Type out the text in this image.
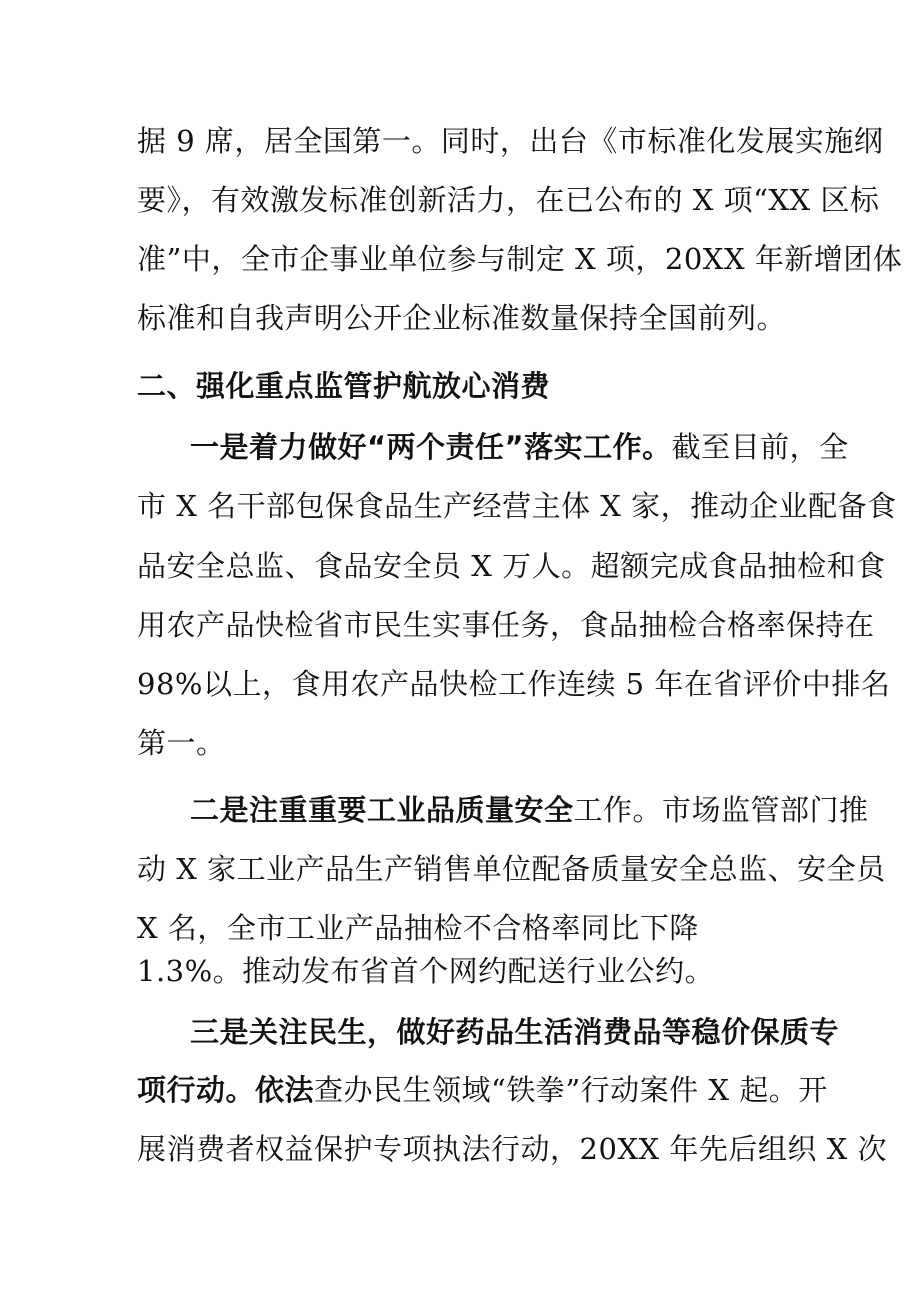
据 9 席，居全国第一。同时，出台《市标准化发展实施纲
要》，有效激发标准创新活力，在已公布的 X 项“XX 区标
准”中，全市企事业单位参与制定 X 项，20XX 年新增团体
标准和自我声明公开企业标准数量保持全国前列。
二、强化重点监管护航放心消费
一是着力做好“两个责任”落实工作。截至目前，全
市 X 名干部包保食品生产经营主体 X 家，推动企业配备食
品安全总监、食品安全员 X 万人。超额完成食品抽检和食
用农产品快检省市民生实事任务，食品抽检合格率保持在
98%以上，食用农产品快检工作连续 5 年在省评价中排名
第一。
二是注重重要工业品质量安全工作。市场监管部门推
动 X 家工业产品生产销售单位配备质量安全总监、安全员
X 名，全市工业产品抽检不合格率同比下降
1.3%。推动发布省首个网约配送行业公约。
三是关注民生，做好药品生活消费品等稳价保质专
项行动。依法查办民生领域“铁拳”行动案件 X 起。开
展消费者权益保护专项执法行动，20XX 年先后组织 X 次
